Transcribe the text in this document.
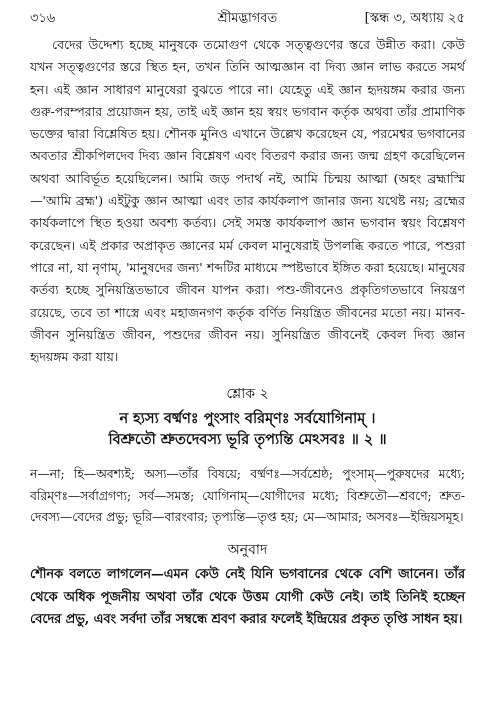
৩১৬	শ্রীমদ্ভাগবত	[স্কন্ধ ৩, অধ্যায় ২৫

বেদের উদ্দেশ্য হচ্ছে মানুষকে তমোগুণ থেকে সত্ত্বগুণের স্তরে উন্নীত করা। কেউ যখন সত্ত্বগুণের স্তরে স্থিত হন, তখন তিনি আত্মজ্ঞান বা দিব্য জ্ঞান লাভ করতে সমর্থ হন। এই জ্ঞান সাধারণ মানুষেরা বুঝতে পারে না। যেহেতু এই জ্ঞান হৃদয়ঙ্গম করার জন্য গুরু-পরম্পরার প্রয়োজন হয়, তাই এই জ্ঞান হয় স্বয়ং ভগবান কর্তৃক অথবা তাঁর প্রামাণিক ভক্তের দ্বারা বিশ্লেষিত হয়। শৌনক মুনিও এখানে উল্লেখ করেছেন যে, পরমেশ্বর ভগবানের অবতার শ্রীকপিলদেব দিব্য জ্ঞান বিশ্লেষণ এবং বিতরণ করার জন্য জন্ম গ্রহণ করেছিলেন অথবা আবির্ভূত হয়েছিলেন। আমি জড় পদার্থ নই, আমি চিন্ময় আত্মা (অহং ব্রহ্মাস্মি—'আমি ব্রহ্ম') এইটুকু জ্ঞান আত্মা এবং তার কার্যকলাপ জানার জন্য যথেষ্ট নয়; ব্রহ্মের কার্যকলাপে স্থিত হওয়া অবশ্য কর্তব্য। সেই সমস্ত কার্যকলাপ জ্ঞান ভগবান স্বয়ং বিশ্লেষণ করেছেন। এই প্রকার অপ্রাকৃত জ্ঞানের মর্ম কেবল মানুষেরাই উপলব্ধি করতে পারে, পশুরা পারে না, যা নৃণাম্, 'মানুষদের জন্য' শব্দটির মাধ্যমে স্পষ্টভাবে ইঙ্গিত করা হয়েছে। মানুষের কর্তব্য হচ্ছে সুনিয়ন্ত্রিতভাবে জীবন যাপন করা। পশু-জীবনেও প্রকৃতিগতভাবে নিয়ন্ত্রণ রয়েছে, তবে তা শাস্ত্রে এবং মহাজনগণ কর্তৃক বর্ণিত নিয়ন্ত্রিত জীবনের মতো নয়। মানব-জীবন সুনিয়ন্ত্রিত জীবন, পশুদের জীবন নয়। সুনিয়ন্ত্রিত জীবনেই কেবল দিব্য জ্ঞান হৃদয়ঙ্গম করা যায়।

শ্লোক ২

ন হ্যস্য বর্ষ্মণঃ পুংসাং বরিম্ণঃ সর্বযোগিনাম্ ।

বিশ্রুতৌ শ্রুতদেবস্য ভূরি তৃপ্যন্তি মেঽসবঃ ॥ ২ ॥

ন—না; হি—অবশ্যই; অস্য—তাঁর বিষয়ে; বর্ষ্মণঃ—সর্বশ্রেষ্ঠ; পুংসাম্—পুরুষদের মধ্যে; বরিম্ণঃ—সর্বাগ্রগণ্য; সর্ব—সমস্ত; যোগিনাম্—যোগীদের মধ্যে; বিশ্রুতৌ—শ্রবণে; শ্রুত-দেবস্য—বেদের প্রভু; ভূরি—বারংবার; তৃপ্যন্তি—তৃপ্ত হয়; মে—আমার; অসবঃ—ইন্দ্রিয়সমূহ।

অনুবাদ

শৌনক বলতে লাগলেন—এমন কেউ নেই যিনি ভগবানের থেকে বেশি জানেন। তাঁর থেকে অধিক পূজনীয় অথবা তাঁর থেকে উত্তম যোগী কেউ নেই। তাই তিনিই হচ্ছেন বেদের প্রভু, এবং সর্বদা তাঁর সম্বন্ধে শ্রবণ করার ফলেই ইন্দ্রিয়ের প্রকৃত তৃপ্তি সাধন হয়।
